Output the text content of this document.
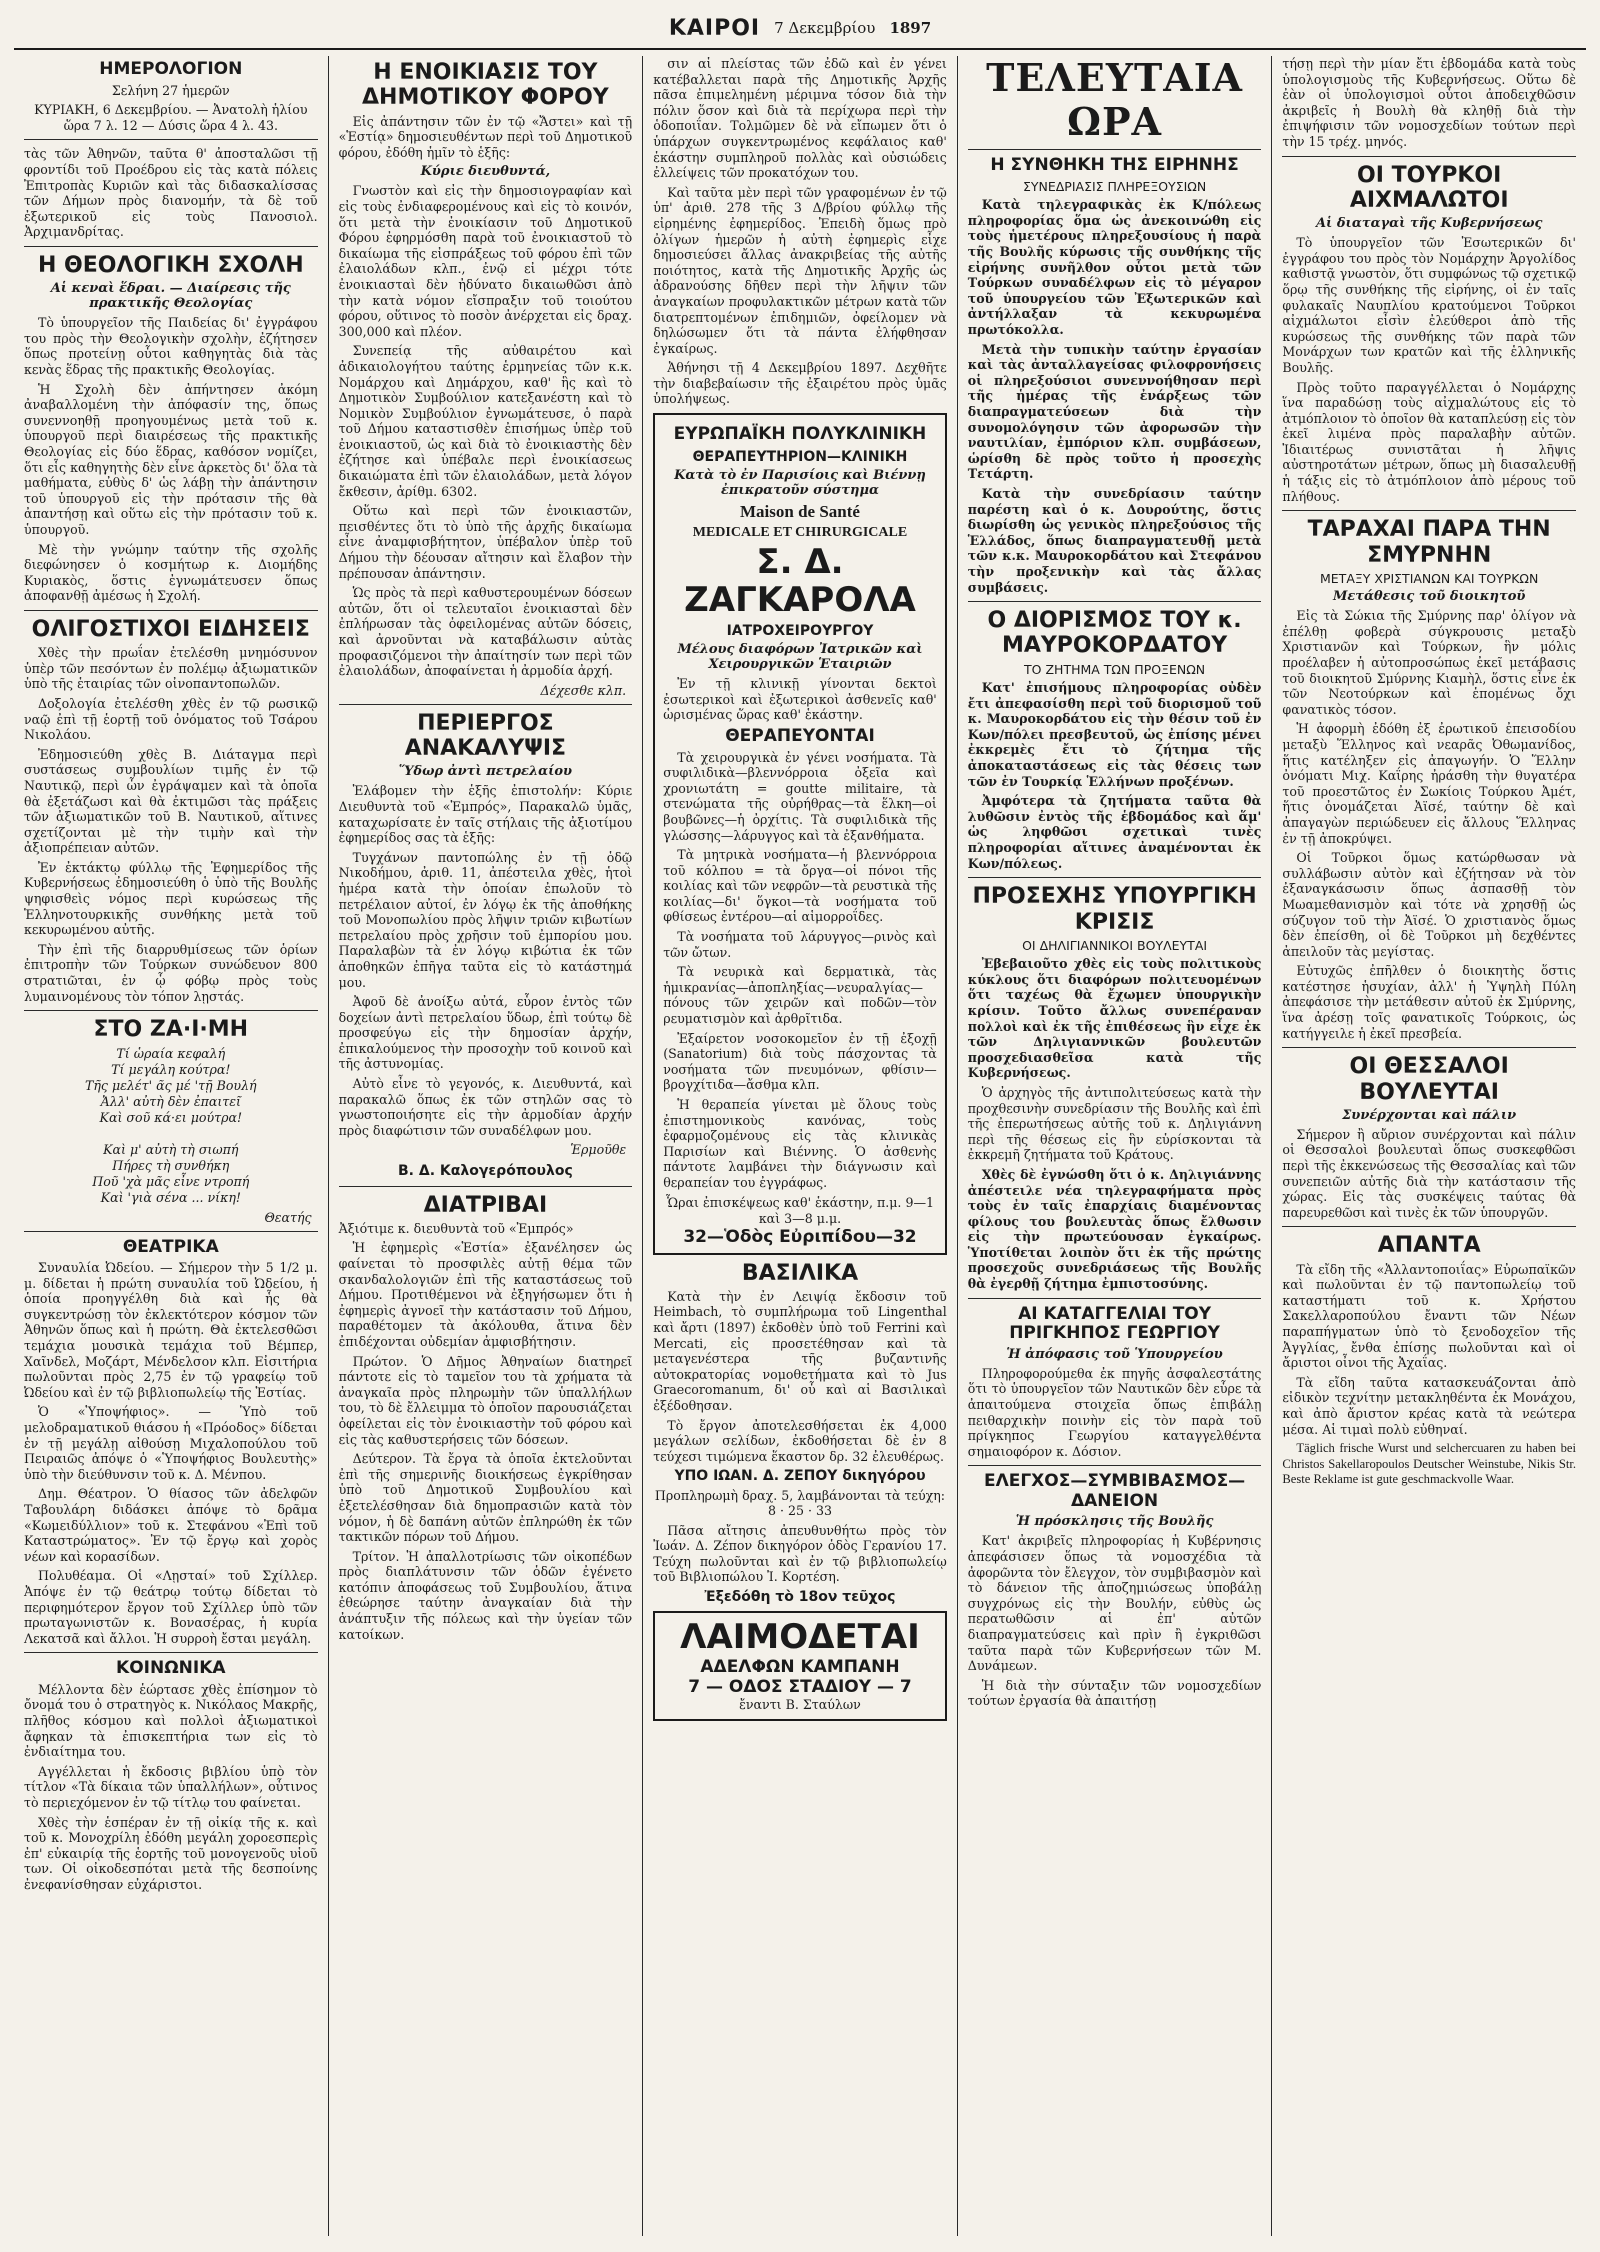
ΚΑΙΡΟΙ 7 Δεκεμβρίου 1897
ΗΜΕΡΟΛΟΓΙΟΝ
Σελήνη 27 ἡμερῶν
ΚΥΡΙΑΚΗ, 6 Δεκεμβρίου. — Ἀνατολὴ ἡλίου ὥρα 7 λ. 12 — Δύσις ὥρα 4 λ. 43.

τὰς τῶν Ἀθηνῶν, ταῦτα θ' ἀποσταλῶσι τῇ φροντίδι τοῦ Προέδρου εἰς τὰς κατὰ πόλεις Ἐπιτροπὰς Κυριῶν καὶ τὰς διδασκαλίσσας τῶν Δήμων πρὸς διανομήν, τὰ δὲ τοῦ ἐξωτερικοῦ εἰς τοὺς Πανοσιολ. Ἀρχιμανδρίτας.

Η ΘΕΟΛΟΓΙΚΗ ΣΧΟΛΗ
Αἱ κεναὶ ἕδραι. — Διαίρεσις τῆς πρακτικῆς Θεολογίας

Τὸ ὑπουργεῖον τῆς Παιδείας δι' ἐγγράφου του πρὸς τὴν Θεολογικὴν σχολὴν, ἐζήτησεν ὅπως προτείνῃ οὗτοι καθηγητὰς διὰ τὰς κενὰς ἕδρας τῆς πρακτικῆς Θεολογίας.

Ἡ Σχολὴ δὲν ἀπήντησεν ἀκόμη ἀναβαλλομένη τὴν ἀπόφασίν της, ὅπως συνεννοηθῇ προηγουμένως μετὰ τοῦ κ. ὑπουργοῦ περὶ διαιρέσεως τῆς πρακτικῆς Θεολογίας εἰς δύο ἕδρας, καθόσον νομίζει, ὅτι εἷς καθηγητὴς δὲν εἶνε ἀρκετὸς δι' ὅλα τὰ μαθήματα, εὐθὺς δ' ὡς λάβῃ τὴν ἀπάντησιν τοῦ ὑπουργοῦ εἰς τὴν πρότασιν τῆς θὰ ἀπαντήσῃ καὶ οὕτω εἰς τὴν πρότασιν τοῦ κ. ὑπουργοῦ.

Μὲ τὴν γνώμην ταύτην τῆς σχολῆς διεφώνησεν ὁ κοσμήτωρ κ. Διομήδης Κυριακὸς, ὅστις ἐγνωμάτευσεν ὅπως ἀποφανθῇ ἀμέσως ἡ Σχολή.

ΟΛΙΓΟΣΤΙΧΟΙ ΕΙΔΗΣΕΙΣ

Χθὲς τὴν πρωΐαν ἐτελέσθη μνημόσυνον ὑπὲρ τῶν πεσόντων ἐν πολέμῳ ἀξιωματικῶν ὑπὸ τῆς ἑταιρίας τῶν οἰνοπαντοπωλῶν.

Δοξολογία ἐτελέσθη χθὲς ἐν τῷ ρωσικῷ ναῷ ἐπὶ τῇ ἑορτῇ τοῦ ὀνόματος τοῦ Τσάρου Νικολάου.

Ἐδημοσιεύθη χθὲς Β. Διάταγμα περὶ συστάσεως συμβουλίων τιμῆς ἐν τῷ Ναυτικῷ, περὶ ὧν ἐγράψαμεν καὶ τὰ ὁποῖα θὰ ἐξετάζωσι καὶ θὰ ἐκτιμῶσι τὰς πράξεις τῶν ἀξιωματικῶν τοῦ Β. Ναυτικοῦ, αἵτινες σχετίζονται μὲ τὴν τιμὴν καὶ τὴν ἀξιοπρέπειαν αὐτῶν.

Ἐν ἐκτάκτῳ φύλλῳ τῆς Ἐφημερίδος τῆς Κυβερνήσεως ἐδημοσιεύθη ὁ ὑπὸ τῆς Βουλῆς ψηφισθεὶς νόμος περὶ κυρώσεως τῆς Ἑλληνοτουρκικῆς συνθήκης μετὰ τοῦ κεκυρωμένου αὐτῆς.

Τὴν ἐπὶ τῆς διαρρυθμίσεως τῶν ὁρίων ἐπιτροπὴν τῶν Τούρκων συνώδευον 800 στρατιῶται, ἐν ᾧ φόβῳ πρὸς τοὺς λυμαινομένους τὸν τόπον λῃστάς.

ΣΤΟ ΖΑ·Ι·ΜΗ
Τί ὡραία κεφαλή
Τί μεγάλη κούτρα!
Τῆς μελέτ' ᾶς μέ 'τῇ Βουλή
Ἀλλ' αὐτὴ δὲν ἐπαιτεῖ
Καὶ σοῦ κά·ει μούτρα!

Καὶ μ' αὐτὴ τὴ σιωπή
Πήρες τὴ συνθήκη
Ποῦ 'χὰ μᾶς εἶνε ντροπή
Καὶ 'γιὰ σένα ... νίκη!
Θεατής
ΘΕΑΤΡΙΚΑ

Συναυλία Ὠδείου. — Σήμερον τὴν 5 1/2 μ. μ. δίδεται ἡ πρώτη συναυλία τοῦ Ὠδείου, ἡ ὁποία προηγγέλθη διὰ καὶ ἧς θὰ συγκεντρώσῃ τὸν ἐκλεκτότερον κόσμον τῶν Ἀθηνῶν ὅπως καὶ ἡ πρώτη. Θὰ ἐκτελεσθῶσι τεμάχια μουσικὰ τεμάχια τοῦ Βέμπερ, Χαῖνδελ, Μοζάρτ, Μένδελσον κλπ. Εἰσιτήρια πωλοῦνται πρὸς 2,75 ἐν τῷ γραφείῳ τοῦ Ὠδείου καὶ ἐν τῷ βιβλιοπωλείῳ τῆς Ἑστίας.

Ὁ «Ὑποψήφιος». — Ὑπὸ τοῦ μελοδραματικοῦ θιάσου ἡ «Πρόοδος» δίδεται ἐν τῇ μεγάλῃ αἰθούσῃ Μιχαλοπούλου τοῦ Πειραιῶς ἀπόψε ὁ «Ὑποψήφιος Βουλευτὴς» ὑπὸ τὴν διεύθυνσιν τοῦ κ. Δ. Μένπου.

Δημ. Θέατρον. Ὁ θίασος τῶν ἀδελφῶν Ταβουλάρη διδάσκει ἀπόψε τὸ δρᾶμα «Κωμειδύλλιον» τοῦ κ. Στεφάνου «Ἐπὶ τοῦ Καταστρώματος». Ἐν τῷ ἔργῳ καὶ χορὸς νέων καὶ κορασίδων.

Πολυθέαμα. Οἱ «Λῃσταί» τοῦ Σχίλλερ. Ἀπόψε ἐν τῷ θεάτρῳ τούτῳ δίδεται τὸ περιφημότερον ἔργον τοῦ Σχίλλερ ὑπὸ τῶν πρωταγωνιστῶν κ. Βονασέρας, ἡ κυρία Λεκατσᾶ καὶ ἄλλοι. Ἡ συρροὴ ἔσται μεγάλη.

ΚΟΙΝΩΝΙΚΑ

Μέλλοντα δὲν ἑώρτασε χθὲς ἐπίσημον τὸ ὄνομά του ὁ στρατηγὸς κ. Νικόλαος Μακρῆς, πλῆθος κόσμου καὶ πολλοὶ ἀξιωματικοὶ ἄφηκαν τὰ ἐπισκεπτήρια των εἰς τὸ ἐνδιαίτημα του.

Αγγέλλεται ἡ ἔκδοσις βιβλίου ὑπὸ τὸν τίτλον «Τὰ δίκαια τῶν ὑπαλλήλων», οὗτινος τὸ περιεχόμενον ἐν τῷ τίτλῳ του φαίνεται.

Χθὲς τὴν ἑσπέραν ἐν τῇ οἰκίᾳ τῆς κ. καὶ τοῦ κ. Μονοχρίλη ἐδόθη μεγάλη χοροεσπερὶς ἐπ' εὐκαιρίᾳ τῆς ἑορτῆς τοῦ μονογενοῦς υἱοῦ των. Οἱ οἰκοδεσπόται μετὰ τῆς δεσποίνης ἐνεφανίσθησαν εὐχάριστοι.

Η ΕΝΟΙΚΙΑΣΙΣ ΤΟΥ ΔΗΜΟΤΙΚΟΥ ΦΟΡΟΥ

Εἰς ἀπάντησιν τῶν ἐν τῷ «Ἄστει» καὶ τῇ «Ἑστίᾳ» δημοσιευθέντων περὶ τοῦ Δημοτικοῦ φόρου, ἐδόθη ἡμῖν τὸ ἑξῆς:

Κύριε διευθυντά,

Γνωστὸν καὶ εἰς τὴν δημοσιογραφίαν καὶ εἰς τοὺς ἐνδιαφερομένους καὶ εἰς τὸ κοινόν, ὅτι μετὰ τὴν ἐνοικίασιν τοῦ Δημοτικοῦ Φόρου ἐφηρμόσθη παρὰ τοῦ ἐνοικιαστοῦ τὸ δικαίωμα τῆς εἰσπράξεως τοῦ φόρου ἐπὶ τῶν ἐλαιολάδων κλπ., ἐνῷ εἰ μέχρι τότε ἐνοικιασταὶ δὲν ἠδύνατο δικαιωθῶσι ἀπὸ τὴν κατὰ νόμον εἴσπραξιν τοῦ τοιούτου φόρου, οὕτινος τὸ ποσὸν ἀνέρχεται εἰς δραχ. 300,000 καὶ πλέον.

Συνεπείᾳ τῆς αὐθαιρέτου καὶ ἀδικαιολογήτου ταύτης ἑρμηνείας τῶν κ.κ. Νομάρχου καὶ Δημάρχου, καθ' ἣς καὶ τὸ Δημοτικὸν Συμβούλιον κατεξανέστη καὶ τὸ Νομικὸν Συμβούλιον ἐγνωμάτευσε, ὁ παρὰ τοῦ Δήμου καταστισθὲν ἐπισήμως ὑπὲρ τοῦ ἐνοικιαστοῦ, ὡς καὶ διὰ τὸ ἐνοικιαστὴς δὲν ἐζήτησε καὶ ὑπέβαλε περὶ ἐνοικίασεως δικαιώματα ἐπὶ τῶν ἐλαιολάδων, μετὰ λόγον ἔκθεσιν, ἀρίθμ. 6302.

Οὕτω καὶ περὶ τῶν ἐνοικιαστῶν, πεισθέντες ὅτι τὸ ὑπὸ τῆς ἀρχῆς δικαίωμα εἶνε ἀναμφισβήτητον, ὑπέβαλον ὑπὲρ τοῦ Δήμου τὴν δέουσαν αἴτησιν καὶ ἔλαβον τὴν πρέπουσαν ἀπάντησιν.

Ὡς πρὸς τὰ περὶ καθυστερουμένων δόσεων αὐτῶν, ὅτι οἱ τελευταῖοι ἐνοικιασταὶ δὲν ἐπλήρωσαν τὰς ὀφειλομένας αὐτῶν δόσεις, καὶ ἀρνοῦνται νὰ καταβάλωσιν αὐτὰς προφασιζόμενοι τὴν ἀπαίτησίν των περὶ τῶν ἐλαιολάδων, ἀποφαίνεται ἡ ἀρμοδία ἀρχή.

Δέχεσθε κλπ.
ΠΕΡΙΕΡΓΟΣ ΑΝΑΚΑΛΥΨΙΣ
Ὕδωρ ἀντὶ πετρελαίου

Ἐλάβομεν τὴν ἑξῆς ἐπιστολήν: Κύριε Διευθυντὰ τοῦ «Ἐμπρός», Παρακαλῶ ὑμᾶς, καταχωρίσατε ἐν ταῖς στήλαις τῆς ἀξιοτίμου ἐφημερίδος σας τὰ ἑξῆς:

Τυγχάνων παντοπώλης ἐν τῇ ὁδῷ Νικοδήμου, ἀριθ. 11, ἀπέστειλα χθὲς, ἡτοὶ ἡμέρα κατὰ τὴν ὁποίαν ἐπωλοῦν τὸ πετρέλαιον αὐτοί, ἐν λόγῳ ἐκ τῆς ἀποθήκης τοῦ Μονοπωλίου πρὸς λῆψιν τριῶν κιβωτίων πετρελαίου πρὸς χρῆσιν τοῦ ἐμπορίου μου. Παραλαβὼν τὰ ἐν λόγῳ κιβώτια ἐκ τῶν ἀποθηκῶν ἐπῆγα ταῦτα εἰς τὸ κατάστημά μου.

Ἀφοῦ δὲ ἀνοίξω αὐτά, εὗρον ἐντὸς τῶν δοχείων ἀντὶ πετρελαίου ὕδωρ, ἐπὶ τούτῳ δὲ προσφεύγω εἰς τὴν δημοσίαν ἀρχήν, ἐπικαλούμενος τὴν προσοχὴν τοῦ κοινοῦ καὶ τῆς ἀστυνομίας.

Αὐτὸ εἶνε τὸ γεγονός, κ. Διευθυντά, καὶ παρακαλῶ ὅπως ἐκ τῶν στηλῶν σας τὸ γνωστοποιήσητε εἰς τὴν ἀρμοδίαν ἀρχήν πρὸς διαφώτισιν τῶν συναδέλφων μου.

Ἑρμοῦθε
Β. Δ. Καλογερόπουλος
ΔΙΑΤΡΙΒΑΙ

Ἀξιότιμε κ. διευθυντὰ τοῦ «Ἐμπρός»

Ἡ ἐφημερὶς «Ἑστία» ἐξανέλησεν ὡς φαίνεται τὸ προσφιλὲς αὐτῇ θέμα τῶν σκανδαλολογιῶν ἐπὶ τῆς καταστάσεως τοῦ Δήμου. Προτιθέμενοι νὰ ἐξηγήσωμεν ὅτι ἡ ἐφημερὶς ἀγνοεῖ τὴν κατάστασιν τοῦ Δήμου, παραθέτομεν τὰ ἀκόλουθα, ἅτινα δὲν ἐπιδέχονται οὐδεμίαν ἀμφισβήτησιν.

Πρώτον. Ὁ Δῆμος Ἀθηναίων διατηρεῖ πάντοτε εἰς τὸ ταμεῖον του τὰ χρήματα τὰ ἀναγκαῖα πρὸς πληρωμὴν τῶν ὑπαλλήλων του, τὸ δὲ ἔλλειμμα τὸ ὁποῖον παρουσιάζεται ὀφείλεται εἰς τὸν ἐνοικιαστὴν τοῦ φόρου καὶ εἰς τὰς καθυστερήσεις τῶν δόσεων.

Δεύτερον. Τὰ ἔργα τὰ ὁποῖα ἐκτελοῦνται ἐπὶ τῆς σημερινῆς διοικήσεως ἐγκρίθησαν ὑπὸ τοῦ Δημοτικοῦ Συμβουλίου καὶ ἐξετελέσθησαν διὰ δημοπρασιῶν κατὰ τὸν νόμον, ἡ δὲ δαπάνη αὐτῶν ἐπληρώθη ἐκ τῶν τακτικῶν πόρων τοῦ Δήμου.

Τρίτον. Ἡ ἀπαλλοτρίωσις τῶν οἰκοπέδων πρὸς διαπλάτυνσιν τῶν ὁδῶν ἐγένετο κατόπιν ἀποφάσεως τοῦ Συμβουλίου, ἅτινα ἐθεώρησε ταύτην ἀναγκαίαν διὰ τὴν ἀνάπτυξιν τῆς πόλεως καὶ τὴν ὑγείαν τῶν κατοίκων.

σιν αἱ πλείστας τῶν ἐδῶ καὶ ἐν γένει κατέβαλλεται παρὰ τῆς Δημοτικῆς Ἀρχῆς πᾶσα ἐπιμελημένη μέριμνα τόσον διὰ τὴν πόλιν ὅσον καὶ διὰ τὰ περίχωρα περὶ τὴν ὁδοποιΐαν. Τολμῶμεν δὲ νὰ εἴπωμεν ὅτι ὁ ὑπάρχων συγκεντρωμένος κεφάλαιος καθ' ἑκάστην συμπληροῦ πολλὰς καὶ οὐσιώδεις ἐλλείψεις τῶν προκατόχων του.

Καὶ ταῦτα μὲν περὶ τῶν γραφομένων ἐν τῷ ὑπ' ἀριθ. 278 τῆς 3 Δ/βρίου φύλλῳ τῆς εἰρημένης ἐφημερίδος. Ἐπειδὴ ὅμως πρὸ ὀλίγων ἡμερῶν ἡ αὐτὴ ἐφημερὶς εἶχε δημοσιεύσει ἄλλας ἀνακριβείας τῆς αὐτῆς ποιότητος, κατὰ τῆς Δημοτικῆς Ἀρχῆς ὡς ἀδρανούσης δῆθεν περὶ τὴν λῆψιν τῶν ἀναγκαίων προφυλακτικῶν μέτρων κατὰ τῶν διατρεπτομένων ἐπιδημιῶν, ὀφείλομεν νὰ δηλώσωμεν ὅτι τὰ πάντα ἐλήφθησαν ἐγκαίρως.

Ἀθήνησι τῇ 4 Δεκεμβρίου 1897. Δεχθῆτε τὴν διαβεβαίωσιν τῆς ἐξαιρέτου πρὸς ὑμᾶς ὑπολήψεως.

ΕΥΡΩΠΑΪΚΗ ΠΟΛΥΚΛΙΝΙΚΗ
ΘΕΡΑΠΕΥΤΗΡΙΟΝ—ΚΛΙΝΙΚΗ
Κατὰ τὸ ἐν Παρισίοις καὶ Βιέννῃ ἐπικρατοῦν σύστημα
Maison de Santé
MEDICALE ET CHIRURGICALE
Σ. Δ. ΖΑΓΚΑΡΟΛΑ
ΙΑΤΡΟΧΕΙΡΟΥΡΓΟΥ
Μέλους διαφόρων Ἰατρικῶν καὶ Χειρουργικῶν Ἑταιριῶν

Ἐν τῇ κλινικῇ γίνονται δεκτοὶ ἐσωτερικοὶ καὶ ἐξωτερικοὶ ἀσθενεῖς καθ' ὡρισμένας ὥρας καθ' ἑκάστην.

ΘΕΡΑΠΕΥΟΝΤΑΙ

Τὰ χειρουργικὰ ἐν γένει νοσήματα. Τὰ συφιλιδικὰ—βλεννόρροια ὀξεῖα καὶ χρονιωτάτη = goutte militaire, τὰ στενώματα τῆς οὐρήθρας—τὰ ἕλκη—οἱ βουβῶνες—ἡ ὀρχίτις. Τὰ συφιλιδικὰ τῆς γλώσσης—λάρυγγος καὶ τὰ ἐξανθήματα.

Τὰ μητρικὰ νοσήματα—ἡ βλεννόρροια τοῦ κόλπου = τὰ ὄργα—οἱ πόνοι τῆς κοιλίας καὶ τῶν νεφρῶν—τὰ ρευστικὰ τῆς κοιλίας—δι' ὅγκοι—τὰ νοσήματα τοῦ φθίσεως ἐντέρου—αἱ αἱμορροΐδες.

Τὰ νοσήματα τοῦ λάρυγγος—ρινὸς καὶ τῶν ὤτων.

Τὰ νευρικὰ καὶ δερματικὰ, τὰς ἡμικρανίας—ἀποπληξίας—νευραλγίας—πόνους τῶν χειρῶν καὶ ποδῶν—τὸν ρευματισμὸν καὶ ἀρθρῖτιδα.

Ἐξαίρετον νοσοκομεῖον ἐν τῇ ἐξοχῇ (Sanatorium) διὰ τοὺς πάσχοντας τὰ νοσήματα τῶν πνευμόνων, φθίσιν—βρογχίτιδα—ἄσθμα κλπ.

Ἡ θεραπεία γίνεται μὲ ὅλους τοὺς ἐπιστημονικοὺς κανόνας, τοὺς ἐφαρμοζομένους εἰς τὰς κλινικὰς Παρισίων καὶ Βιέννης. Ὁ ἀσθενὴς πάντοτε λαμβάνει τὴν διάγνωσιν καὶ θεραπείαν του ἐγγράφως.

Ὧραι ἐπισκέψεως καθ' ἑκάστην, π.μ. 9—1 καὶ 3—8 μ.μ.
32—Ὁδὸς Εὐριπίδου—32
ΒΑΣΙΛΙΚΑ

Κατὰ τὴν ἐν Λειψίᾳ ἔκδοσιν τοῦ Heimbach, τὸ συμπλήρωμα τοῦ Lingenthal καὶ ἄρτι (1897) ἐκδοθὲν ὑπὸ τοῦ Ferrini καὶ Mercati, εἰς προσετέθησαν καὶ τὰ μεταγενέστερα τῆς βυζαντινῆς αὐτοκρατορίας νομοθετήματα καὶ τὸ Jus Graecoromanum, δι' οὗ καὶ αἱ Βασιλικαὶ ἐξέδοθησαν.

Τὸ ἔργον ἀποτελεσθήσεται ἐκ 4,000 μεγάλων σελίδων, ἐκδοθήσεται δὲ ἐν 8 τεύχεσι τιμώμενα ἕκαστον δρ. 32 ἐλευθέρως.

ΥΠΟ ΙΩΑΝ. Δ. ΖΕΠΟΥ δικηγόρου
Προπληρωμὴ δραχ. 5, λαμβάνονται τὰ τεύχη: 8 · 25 · 33

Πᾶσα αἴτησις ἀπευθυνθήτω πρὸς τὸν Ἰωάν. Δ. Ζέπον δικηγόρον ὁδὸς Γερανίου 17. Τεύχη πωλοῦνται καὶ ἐν τῷ βιβλιοπωλείῳ τοῦ Βιβλιοπώλου Ἰ. Κορτέση.

Ἐξεδόθη τὸ 18ον τεῦχος
ΛΑΙΜΟΔΕΤΑΙ
ΑΔΕΛΦΩΝ ΚΑΜΠΑΝΗ
7 — ΟΔΟΣ ΣΤΑΔΙΟΥ — 7
ἔναντι Β. Σταύλων
ΤΕΛΕΥΤΑΙΑ ΩΡΑ
Η ΣΥΝΘΗΚΗ ΤΗΣ ΕΙΡΗΝΗΣ
ΣΥΝΕΔΡΙΑΣΙΣ ΠΛΗΡΕΞΟΥΣΙΩΝ

Κατὰ τηλεγραφικὰς ἐκ Κ/πόλεως πληροφορίας ὅμα ὡς ἀνεκοινώθη εἰς τοὺς ἡμετέρους πληρεξουσίους ἡ παρὰ τῆς Βουλῆς κύρωσις τῆς συνθήκης τῆς εἰρήνης συνῆλθον οὗτοι μετὰ τῶν Τούρκων συναδέλφων εἰς τὸ μέγαρον τοῦ ὑπουργείου τῶν Ἐξωτερικῶν καὶ ἀντήλλαξαν τὰ κεκυρωμένα πρωτόκολλα.

Μετὰ τὴν τυπικὴν ταύτην ἐργασίαν καὶ τὰς ἀνταλλαγείσας φιλοφρονήσεις οἱ πληρεξούσιοι συνεννοήθησαν περὶ τῆς ἡμέρας τῆς ἐνάρξεως τῶν διαπραγματεύσεων διὰ τὴν συνομολόγησιν τῶν ἀφορωσῶν τὴν ναυτιλίαν, ἐμπόριον κλπ. συμβάσεων, ὡρίσθη δὲ πρὸς τοῦτο ἡ προσεχὴς Τετάρτη.

Κατὰ τὴν συνεδρίασιν ταύτην παρέστη καὶ ὁ κ. Δουρούτης, ὅστις διωρίσθη ὡς γενικὸς πληρεξούσιος τῆς Ἑλλάδος, ὅπως διαπραγματευθῇ μετὰ τῶν κ.κ. Μαυροκορδάτου καὶ Στεφάνου τὴν προξενικὴν καὶ τὰς ἄλλας συμβάσεις.

Ο ΔΙΟΡΙΣΜΟΣ ΤΟΥ κ. ΜΑΥΡΟΚΟΡΔΑΤΟΥ
ΤΟ ΖΗΤΗΜΑ ΤΩΝ ΠΡΟΞΕΝΩΝ

Κατ' ἐπισήμους πληροφορίας οὐδὲν ἔτι ἀπεφασίσθη περὶ τοῦ διορισμοῦ τοῦ κ. Μαυροκορδάτου εἰς τὴν θέσιν τοῦ ἐν Κων/πόλει πρεσβευτοῦ, ὡς ἐπίσης μένει ἐκκρεμὲς ἔτι τὸ ζήτημα τῆς ἀποκαταστάσεως εἰς τὰς θέσεις των τῶν ἐν Τουρκίᾳ Ἑλλήνων προξένων.

Ἀμφότερα τὰ ζητήματα ταῦτα θὰ λυθῶσιν ἐντὸς τῆς ἑβδομάδος καὶ ἅμ' ὡς ληφθῶσι σχετικαὶ τινὲς πληροφορίαι αἵτινες ἀναμένονται ἐκ Κων/πόλεως.

ΠΡΟΣΕΧΗΣ ΥΠΟΥΡΓΙΚΗ ΚΡΙΣΙΣ
ΟΙ ΔΗΛΙΓΙΑΝΝΙΚΟΙ ΒΟΥΛΕΥΤΑΙ

Ἐβεβαιοῦτο χθὲς εἰς τοὺς πολιτικοὺς κύκλους ὅτι διαφόρων πολιτευομένων ὅτι ταχέως θὰ ἔχωμεν ὑπουργικὴν κρίσιν. Τοῦτο ἄλλως συνεπέραναν πολλοὶ καὶ ἐκ τῆς ἐπιθέσεως ἣν εἶχε ἐκ τῶν Δηλιγιαννικῶν βουλευτῶν προσχεδιασθεῖσα κατὰ τῆς Κυβερνήσεως.

Ὁ ἀρχηγὸς τῆς ἀντιπολιτεύσεως κατὰ τὴν προχθεσινὴν συνεδρίασιν τῆς Βουλῆς καὶ ἐπὶ τῆς ἐπερωτήσεως αὐτῆς τοῦ κ. Δηλιγιάννη περὶ τῆς θέσεως εἰς ἣν εὑρίσκονται τὰ ἐκκρεμῆ ζητήματα τοῦ Κράτους.

Χθὲς δὲ ἐγνώσθη ὅτι ὁ κ. Δηλιγιάννης ἀπέστειλε νέα τηλεγραφήματα πρὸς τοὺς ἐν ταῖς ἐπαρχίαις διαμένοντας φίλους του βουλευτὰς ὅπως ἔλθωσιν εἰς τὴν πρωτεύουσαν ἐγκαίρως. Ὑποτίθεται λοιπὸν ὅτι ἐκ τῆς πρώτης προσεχοῦς συνεδριάσεως τῆς Βουλῆς θὰ ἐγερθῇ ζήτημα ἐμπιστοσύνης.

ΑΙ ΚΑΤΑΓΓΕΛΙΑΙ ΤΟΥ ΠΡΙΓΚΗΠΟΣ ΓΕΩΡΓΙΟΥ
Ἡ ἀπόφασις τοῦ Ὑπουργείου

Πληροφορούμεθα ἐκ πηγῆς ἀσφαλεστάτης ὅτι τὸ ὑπουργεῖον τῶν Ναυτικῶν δὲν εὗρε τὰ ἀπαιτούμενα στοιχεῖα ὅπως ἐπιβάλῃ πειθαρχικὴν ποινὴν εἰς τὸν παρὰ τοῦ πρίγκηπος Γεωργίου καταγγελθέντα σημαιοφόρον κ. Δόσιον.

ΕΛΕΓΧΟΣ—ΣΥΜΒΙΒΑΣΜΟΣ—ΔΑΝΕΙΟΝ
Ἡ πρόσκλησις τῆς Βουλῆς

Κατ' ἀκριβεῖς πληροφορίας ἡ Κυβέρνησις ἀπεφάσισεν ὅπως τὰ νομοσχέδια τὰ ἀφορῶντα τὸν ἔλεγχον, τὸν συμβιβασμὸν καὶ τὸ δάνειον τῆς ἀποζημιώσεως ὑποβάλῃ συγχρόνως εἰς τὴν Βουλήν, εὐθὺς ὡς περατωθῶσιν αἱ ἐπ' αὐτῶν διαπραγματεύσεις καὶ πρὶν ἢ ἐγκριθῶσι ταῦτα παρὰ τῶν Κυβερνήσεων τῶν Μ. Δυνάμεων.

Ἡ διὰ τὴν σύνταξιν τῶν νομοσχεδίων τούτων ἐργασία θὰ ἀπαιτήσῃ

τήσῃ περὶ τὴν μίαν ἔτι ἑβδομάδα κατὰ τοὺς ὑπολογισμοὺς τῆς Κυβερνήσεως. Οὕτω δὲ ἐὰν οἱ ὑπολογισμοὶ οὗτοι ἀποδειχθῶσιν ἀκριβεῖς ἡ Βουλὴ θὰ κληθῇ διὰ τὴν ἐπιψήφισιν τῶν νομοσχεδίων τούτων περὶ τὴν 15 τρέχ. μηνός.

ΟΙ ΤΟΥΡΚΟΙ ΑΙΧΜΑΛΩΤΟΙ
Αἱ διαταγαὶ τῆς Κυβερνήσεως

Τὸ ὑπουργεῖον τῶν Ἐσωτερικῶν δι' ἐγγράφου του πρὸς τὸν Νομάρχην Ἀργολίδος καθιστᾷ γνωστὸν, ὅτι συμφώνως τῷ σχετικῷ ὅρῳ τῆς συνθήκης τῆς εἰρήνης, οἱ ἐν ταῖς φυλακαῖς Ναυπλίου κρατούμενοι Τοῦρκοι αἰχμάλωτοι εἶσὶν ἐλεύθεροι ἀπὸ τῆς κυρώσεως τῆς συνθήκης τῶν παρὰ τῶν Μονάρχων των κρατῶν καὶ τῆς ἑλληνικῆς Βουλῆς.

Πρὸς τοῦτο παραγγέλλεται ὁ Νομάρχης ἵνα παραδώσῃ τοὺς αἰχμαλώτους εἰς τὸ ἀτμόπλοιον τὸ ὁποῖον θὰ καταπλεύσῃ εἰς τὸν ἐκεῖ λιμένα πρὸς παραλαβὴν αὐτῶν. Ἰδιαιτέρως συνιστᾶται ἡ λῆψις αὐστηροτάτων μέτρων, ὅπως μὴ διασαλευθῇ ἡ τάξις εἰς τὸ ἀτμόπλοιον ἀπὸ μέρους τοῦ πλήθους.

ΤΑΡΑΧΑΙ ΠΑΡΑ ΤΗΝ ΣΜΥΡΝΗΝ
ΜΕΤΑΞΥ ΧΡΙΣΤΙΑΝΩΝ ΚΑΙ ΤΟΥΡΚΩΝ
Μετάθεσις τοῦ διοικητοῦ

Εἰς τὰ Σώκια τῆς Σμύρνης παρ' ὀλίγον νὰ ἐπέλθῃ φοβερὰ σύγκρουσις μεταξὺ Χριστιανῶν καὶ Τούρκων, ἣν μόλις προέλαβεν ἡ αὐτοπροσώπως ἐκεῖ μετάβασις τοῦ διοικητοῦ Σμύρνης Κιαμὴλ, ὅστις εἶνε ἐκ τῶν Νεοτούρκων καὶ ἑπομένως ὄχι φανατικὸς τόσον.

Ἡ ἀφορμὴ ἐδόθη ἐξ ἐρωτικοῦ ἐπεισοδίου μεταξὺ Ἕλληνος καὶ νεαρᾶς Ὀθωμανίδος, ἥτις κατέληξεν εἰς ἀπαγωγήν. Ὁ Ἕλλην ὀνόματι Μιχ. Καΐρης ἠράσθη τὴν θυγατέρα τοῦ προεστῶτος ἐν Σωκίοις Τούρκου Ἀμέτ, ἥτις ὀνομάζεται Ἀϊσέ, ταύτην δὲ καὶ ἀπαγαγὼν περιώδευεν εἰς ἄλλους Ἕλληνας ἐν τῇ ἀποκρύψει.

Οἱ Τοῦρκοι ὅμως κατώρθωσαν νὰ συλλάβωσιν αὐτὸν καὶ ἐζήτησαν νὰ τὸν ἐξαναγκάσωσιν ὅπως ἀσπασθῇ τὸν Μωαμεθανισμὸν καὶ τότε νὰ χρησθῇ ὡς σύζυγον τοῦ τὴν Ἀϊσέ. Ὁ χριστιανὸς ὅμως δὲν ἐπείσθη, οἱ δὲ Τοῦρκοι μὴ δεχθέντες ἀπειλοῦν τὰς μεγίστας.

Εὐτυχῶς ἐπῆλθεν ὁ διοικητὴς ὅστις κατέστησε ἡσυχίαν, ἀλλ' ἡ Ὑψηλὴ Πύλη ἀπεφάσισε τὴν μετάθεσιν αὐτοῦ ἐκ Σμύρνης, ἵνα ἀρέσῃ τοῖς φανατικοῖς Τούρκοις, ὡς κατήγγειλε ἡ ἐκεῖ πρεσβεία.

ΟΙ ΘΕΣΣΑΛΟΙ ΒΟΥΛΕΥΤΑΙ
Συνέρχονται καὶ πάλιν

Σήμερον ἢ αὔριον συνέρχονται καὶ πάλιν οἱ Θεσσαλοὶ βουλευταὶ ὅπως συσκεφθῶσι περὶ τῆς ἐκκενώσεως τῆς Θεσσαλίας καὶ τῶν συνεπειῶν αὐτῆς διὰ τὴν κατάστασιν τῆς χώρας. Εἰς τὰς συσκέψεις ταύτας θὰ παρευρεθῶσι καὶ τινὲς ἐκ τῶν ὑπουργῶν.

ΑΠΑΝΤΑ

Τὰ εἴδη τῆς «Ἀλλαντοποιΐας» Εὐρωπαϊκῶν καὶ πωλοῦνται ἐν τῷ παντοπωλείῳ τοῦ καταστήματι τοῦ κ. Χρήστου Σακελλαροπούλου ἔναντι τῶν Νέων παραπήγματων ὑπὸ τὸ ξενοδοχεῖον τῆς Ἀγγλίας, ἔνθα ἐπίσης πωλοῦνται καὶ οἱ ἄριστοι οἶνοι τῆς Ἀχαΐας.

Τὰ εἴδη ταῦτα κατασκευάζονται ἀπὸ εἰδικὸν τεχνίτην μετακληθέντα ἐκ Μονάχου, καὶ ἀπὸ ἄριστον κρέας κατὰ τὰ νεώτερα μέσα. Αἱ τιμαὶ πολὺ εὐθηναί.

Täglich frische Wurst und selchercuaren zu haben bei Christos Sakellaropoulos Deutscher Weinstube, Nikis Str. Beste Reklame ist gute geschmackvolle Waar.
